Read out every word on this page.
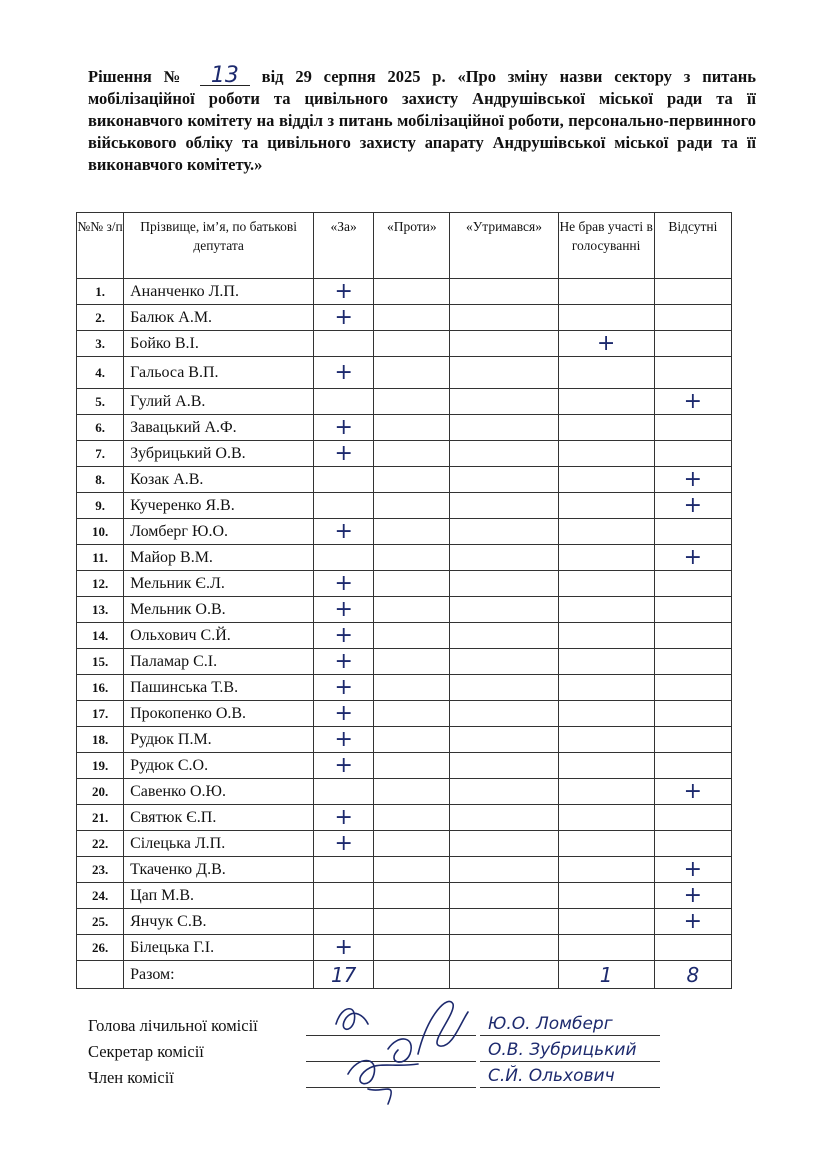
Рішення № 13 від 29 серпня 2025 р. «Про зміну назви сектору з питань мобілізаційної роботи та цивільного захисту Андрушівської міської ради та її виконавчого комітету на відділ з питань мобілізаційної роботи, персонально-первинного військового обліку та цивільного захисту апарату Андрушівської міської ради та її виконавчого комітету.»
№№ з/п	Прізвище, ім’я, по батькові депутата	«За»	«Проти»	«Утримався»	Не брав участі в голосуванні	Відсутні
1.	Ананченко Л.П.	+				
2.	Балюк А.М.	+				
3.	Бойко В.І.				+	
4.	Гальоса В.П.	+				
5.	Гулий А.В.					+
6.	Завацький А.Ф.	+				
7.	Зубрицький О.В.	+				
8.	Козак А.В.					+
9.	Кучеренко Я.В.					+
10.	Ломберг Ю.О.	+				
11.	Майор В.М.					+
12.	Мельник Є.Л.	+				
13.	Мельник О.В.	+				
14.	Ольхович С.Й.	+				
15.	Паламар С.І.	+				
16.	Пашинська Т.В.	+				
17.	Прокопенко О.В.	+				
18.	Рудюк П.М.	+				
19.	Рудюк С.О.	+				
20.	Савенко О.Ю.					+
21.	Святюк Є.П.	+				
22.	Сілецька Л.П.	+				
23.	Ткаченко Д.В.					+
24.	Цап М.В.					+
25.	Янчук С.В.					+
26.	Білецька Г.І.	+				
	Разом:	17			1	8
Голова лічильної комісії	Ю.О. Ломберг
Секретар комісії	О.В. Зубрицький
Член комісії	С.Й. Ольхович
